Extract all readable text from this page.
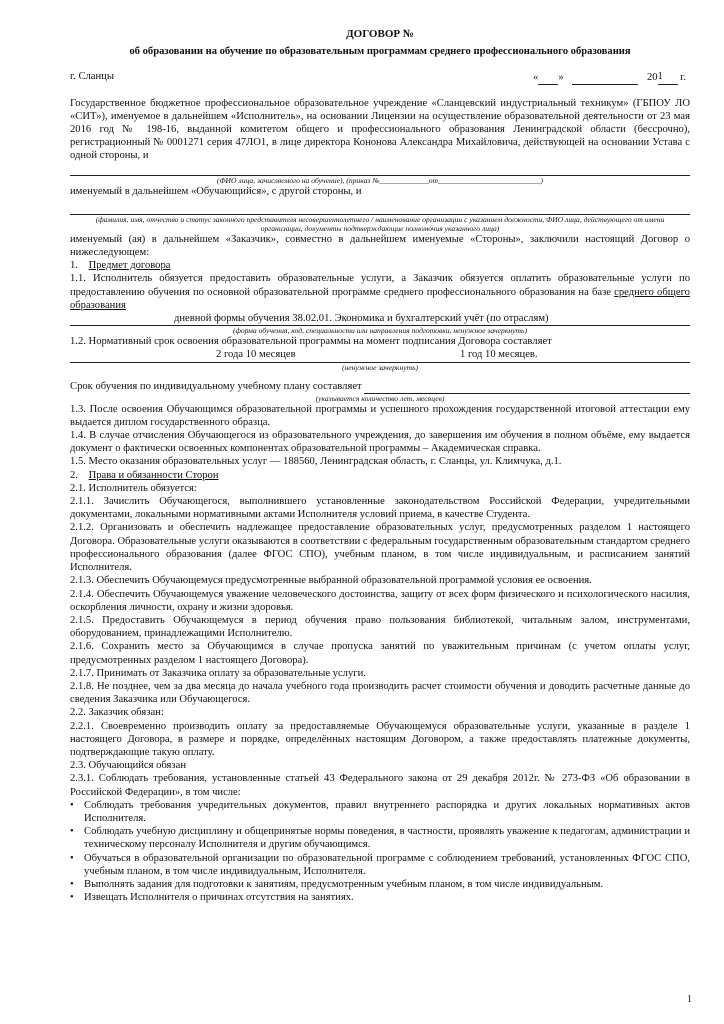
ДОГОВОР №
об образовании на обучение по образовательным программам среднего профессионального образования
г. Сланцы	« »	201 г.
Государственное бюджетное профессиональное образовательное учреждение «Сланцевский индустриальный техникум» (ГБПОУ ЛО «СИТ»), именуемое в дальнейшем «Исполнитель», на основании Лицензии на осуществление образовательной деятельности от 23 мая 2016 год № 198-16, выданной комитетом общего и профессионального образования Ленинградской области (бессрочно), регистрационный № 0001271 серия 47ЛО1, в лице директора Кононова Александра Михайловича, действующей на основании Устава с одной стороны, и
(ФИО лица, зачисляемого на обучение), (приказ №_____________от___________________________)
именуемый в дальнейшем «Обучающийся», с другой стороны, и
(фамилия, имя, отчество и статус законного представителя несовершеннолетнего / наименование организации с указанием должности, ФИО лица, действующего от имени организации, документы подтверждающие полномочия указанного лица)
именуемый (ая) в дальнейшем «Заказчик», совместно в дальнейшем именуемые «Стороны», заключили настоящий Договор о нижеследующем:
1. Предмет договора
1.1. Исполнитель обязуется предоставить образовательные услуги, а Заказчик обязуется оплатить образовательные услуги по предоставлению обучения по основной образовательной программе среднего профессионального образования на базе среднего общего образования
дневной формы обучения 38.02.01. Экономика и бухгалтерский учёт (по отраслям)
(форма обучения, код, специальности или направления подготовки, ненужное зачеркнуть)
1.2. Нормативный срок освоения образовательной программы на момент подписания Договора составляет
2 года 10 месяцев	1 год 10 месяцев.
(ненужное зачеркнуть)
Срок обучения по индивидуальному учебному плану составляет
(указывается количество лет, месяцев)
1.3. После освоения Обучающимся образовательной программы и успешного прохождения государственной итоговой аттестации ему выдается диплом государственного образца.
1.4. В случае отчисления Обучающегося из образовательного учреждения, до завершения им обучения в полном объёме, ему выдается документ о фактически освоенных компонентах образовательной программы – Академическая справка.
1.5. Место оказания образовательных услуг — 188560, Ленинградская область, г. Сланцы, ул. Климчука, д.1.
2. Права и обязанности Сторон
2.1. Исполнитель обязуется:
2.1.1. Зачислить Обучающегося, выполнившего установленные законодательством Российской Федерации, учредительными документами, локальными нормативными актами Исполнителя условий приема, в качестве Студента.
2.1.2. Организовать и обеспечить надлежащее предоставление образовательных услуг, предусмотренных разделом 1 настоящего Договора. Образовательные услуги оказываются в соответствии с федеральным государственным образовательным стандартом среднего профессионального образования (далее ФГОС СПО), учебным планом, в том числе индивидуальным, и расписанием занятий Исполнителя.
2.1.3. Обеспечить Обучающемуся предусмотренные выбранной образовательной программой условия ее освоения.
2.1.4. Обеспечить Обучающемуся уважение человеческого достоинства, защиту от всех форм физического и психологического насилия, оскорбления личности, охрану и жизни здоровья.
2.1.5. Предоставить Обучающемуся в период обучения право пользования библиотекой, читальным залом, инструментами, оборудованием, принадлежащими Исполнителю.
2.1.6. Сохранить место за Обучающимся в случае пропуска занятий по уважительным причинам (с учетом оплаты услуг, предусмотренных разделом 1 настоящего Договора).
2.1.7. Принимать от Заказчика оплату за образовательные услуги.
2.1.8. Не позднее, чем за два месяца до начала учебного года производить расчет стоимости обучения и доводить расчетные данные до сведения Заказчика или Обучающегося.
2.2. Заказчик обязан:
2.2.1. Своевременно производить оплату за предоставляемые Обучающемуся образовательные услуги, указанные в разделе 1 настоящего Договора, в размере и порядке, определённых настоящим Договором, а также предоставлять платежные документы, подтверждающие такую оплату.
2.3. Обучающийся обязан
2.3.1. Соблюдать требования, установленные статьей 43 Федерального закона от 29 декабря 2012г. № 273-ФЗ «Об образовании в Российской Федерации», в том числе:
• Соблюдать требования учредительных документов, правил внутреннего распорядка и других локальных нормативных актов Исполнителя.
• Соблюдать учебную дисциплину и общепринятые нормы поведения, в частности, проявлять уважение к педагогам, администрации и техническому персоналу Исполнителя и другим обучающимся.
• Обучаться в образовательной организации по образовательной программе с соблюдением требований, установленных ФГОС СПО, учебным планом, в том числе индивидуальным, Исполнителя.
• Выполнять задания для подготовки к занятиям, предусмотренным учебным планом, в том числе индивидуальным.
• Извещать Исполнителя о причинах отсутствия на занятиях.
1
